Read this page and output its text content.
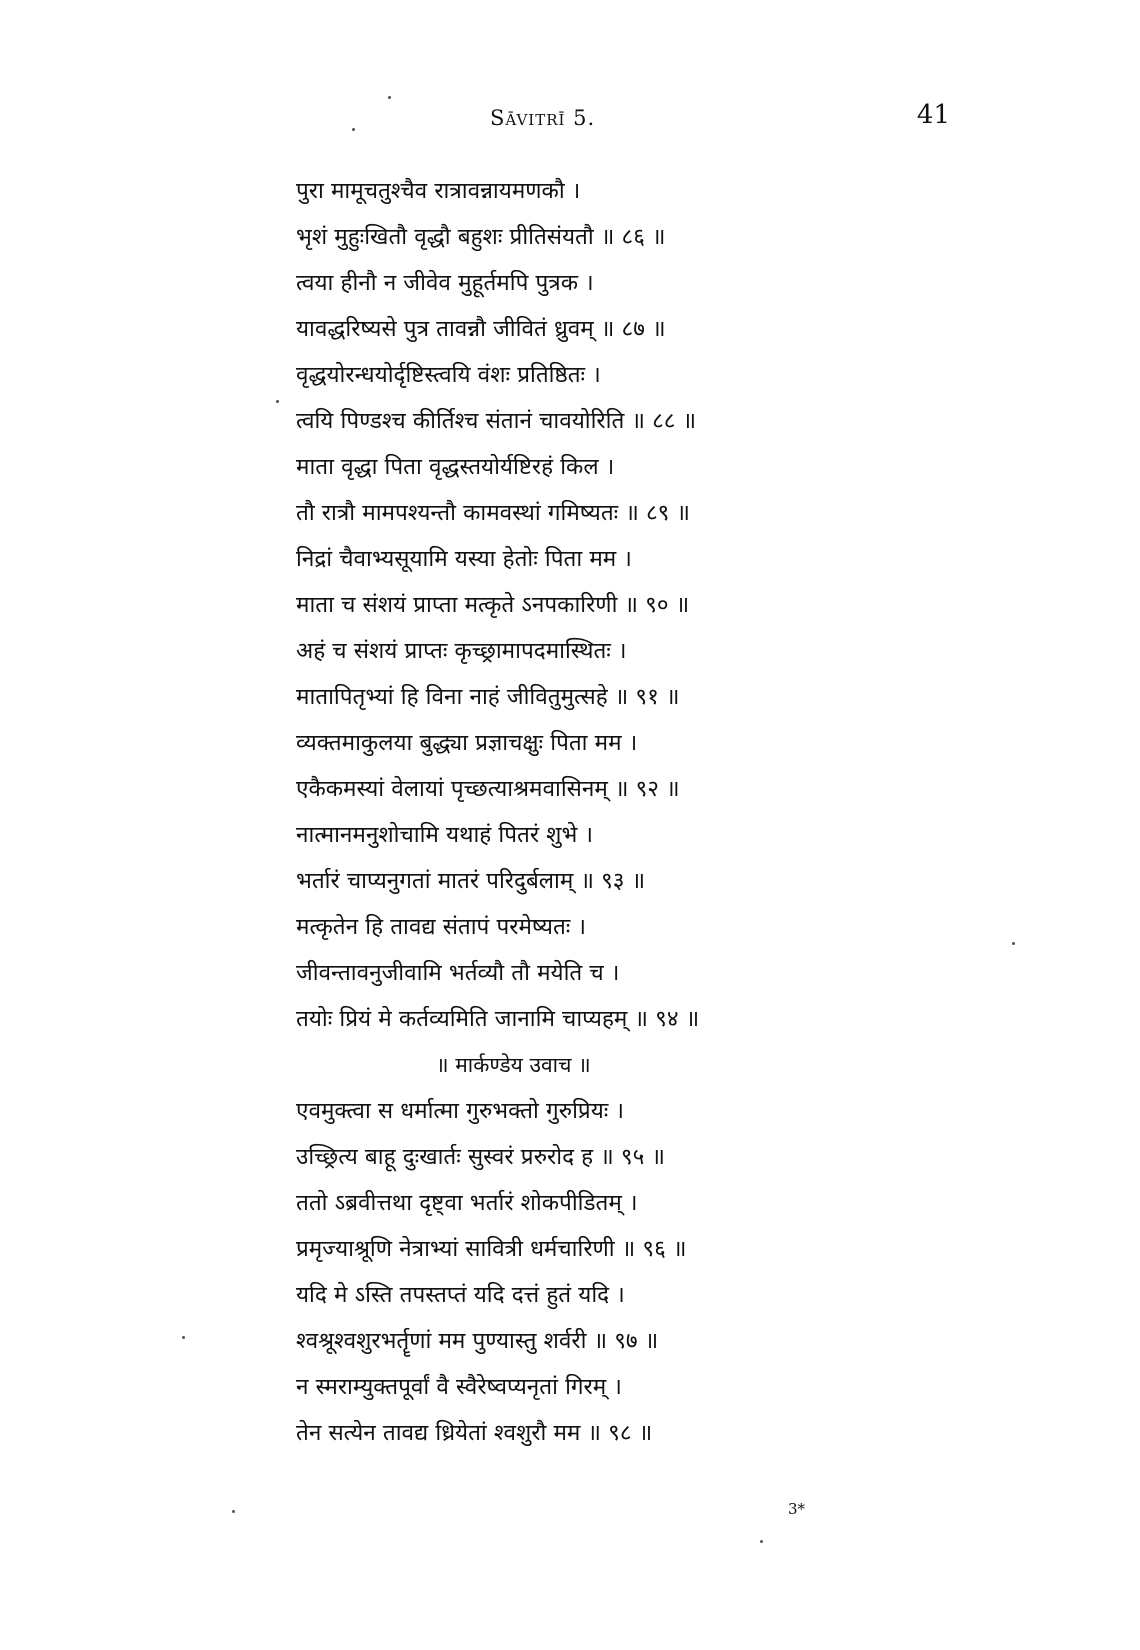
Sāvitrī 5.	41
पुरा मामूचतुश्चैव रात्रावन्नायमणकौ ।
भृशं मुहुःखितौ वृद्धौ बहुशः प्रीतिसंयतौ ॥ ८६ ॥
त्वया हीनौ न जीवेव मुहूर्तमपि पुत्रक ।
यावद्धरिष्यसे पुत्र तावन्नौ जीवितं ध्रुवम् ॥ ८७ ॥
वृद्धयोरन्धयोर्दृष्टिस्त्वयि वंशः प्रतिष्ठितः ।
त्वयि पिण्डश्च कीर्तिश्च संतानं चावयोरिति ॥ ८८ ॥
माता वृद्धा पिता वृद्धस्तयोर्यष्टिरहं किल ।
तौ रात्रौ मामपश्यन्तौ कामवस्थां गमिष्यतः ॥ ८९ ॥
निद्रां चैवाभ्यसूयामि यस्या हेतोः पिता मम ।
माता च संशयं प्राप्ता मत्कृते ऽनपकारिणी ॥ ९० ॥
अहं च संशयं प्राप्तः कृच्छ्रामापदमास्थितः ।
मातापितृभ्यां हि विना नाहं जीवितुमुत्सहे ॥ ९१ ॥
व्यक्तमाकुलया बुद्ध्या प्रज्ञाचक्षुः पिता मम ।
एकैकमस्यां वेलायां पृच्छत्याश्रमवासिनम् ॥ ९२ ॥
नात्मानमनुशोचामि यथाहं पितरं शुभे ।
भर्तारं चाप्यनुगतां मातरं परिदुर्बलाम् ॥ ९३ ॥
मत्कृतेन हि तावद्य संतापं परमेष्यतः ।
जीवन्तावनुजीवामि भर्तव्यौ तौ मयेति च ।
तयोः प्रियं मे कर्तव्यमिति जानामि चाप्यहम् ॥ ९४ ॥
॥ मार्कण्डेय उवाच ॥
एवमुक्त्वा स धर्मात्मा गुरुभक्तो गुरुप्रियः ।
उच्छ्रित्य बाहू दुःखार्तः सुस्वरं प्ररुरोद ह ॥ ९५ ॥
ततो ऽब्रवीत्तथा दृष्ट्वा भर्तारं शोकपीडितम् ।
प्रमृज्याश्रूणि नेत्राभ्यां सावित्री धर्मचारिणी ॥ ९६ ॥
यदि मे ऽस्ति तपस्तप्तं यदि दत्तं हुतं यदि ।
श्वश्रूश्वशुरभर्तॄणां मम पुण्यास्तु शर्वरी ॥ ९७ ॥
न स्मराम्युक्तपूर्वां वै स्वैरेष्वप्यनृतां गिरम् ।
तेन सत्येन तावद्य ध्रियेतां श्वशुरौ मम ॥ ९८ ॥
3*
